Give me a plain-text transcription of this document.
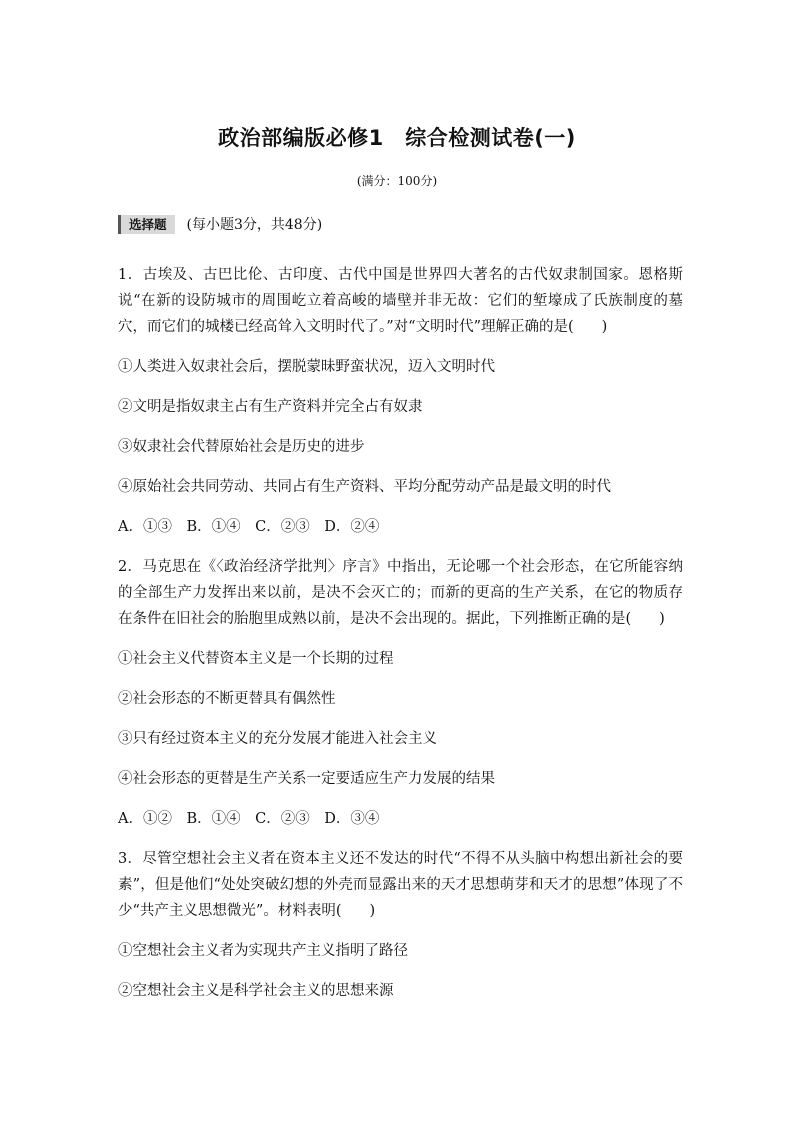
政治部编版必修1　综合检测试卷(一)
(满分：100分)
选择题	(每小题3分，共48分)

1．古埃及、古巴比伦、古印度、古代中国是世界四大著名的古代奴隶制国家。恩格斯说“在新的设防城市的周围屹立着高峻的墙壁并非无故：它们的堑壕成了氏族制度的墓穴，而它们的城楼已经高耸入文明时代了。”对“文明时代”理解正确的是( )

①人类进入奴隶社会后，摆脱蒙昧野蛮状况，迈入文明时代

②文明是指奴隶主占有生产资料并完全占有奴隶

③奴隶社会代替原始社会是历史的进步

④原始社会共同劳动、共同占有生产资料、平均分配劳动产品是最文明的时代

A．①③　B．①④　C．②③　D．②④

2．马克思在《〈政治经济学批判〉序言》中指出，无论哪一个社会形态，在它所能容纳的全部生产力发挥出来以前，是决不会灭亡的；而新的更高的生产关系，在它的物质存在条件在旧社会的胎胞里成熟以前，是决不会出现的。据此，下列推断正确的是( )

①社会主义代替资本主义是一个长期的过程

②社会形态的不断更替具有偶然性

③只有经过资本主义的充分发展才能进入社会主义

④社会形态的更替是生产关系一定要适应生产力发展的结果

A．①②　B．①④　C．②③　D．③④

3．尽管空想社会主义者在资本主义还不发达的时代“不得不从头脑中构想出新社会的要素”，但是他们“处处突破幻想的外壳而显露出来的天才思想萌芽和天才的思想”体现了不少“共产主义思想微光”。材料表明( )

①空想社会主义者为实现共产主义指明了路径

②空想社会主义是科学社会主义的思想来源
